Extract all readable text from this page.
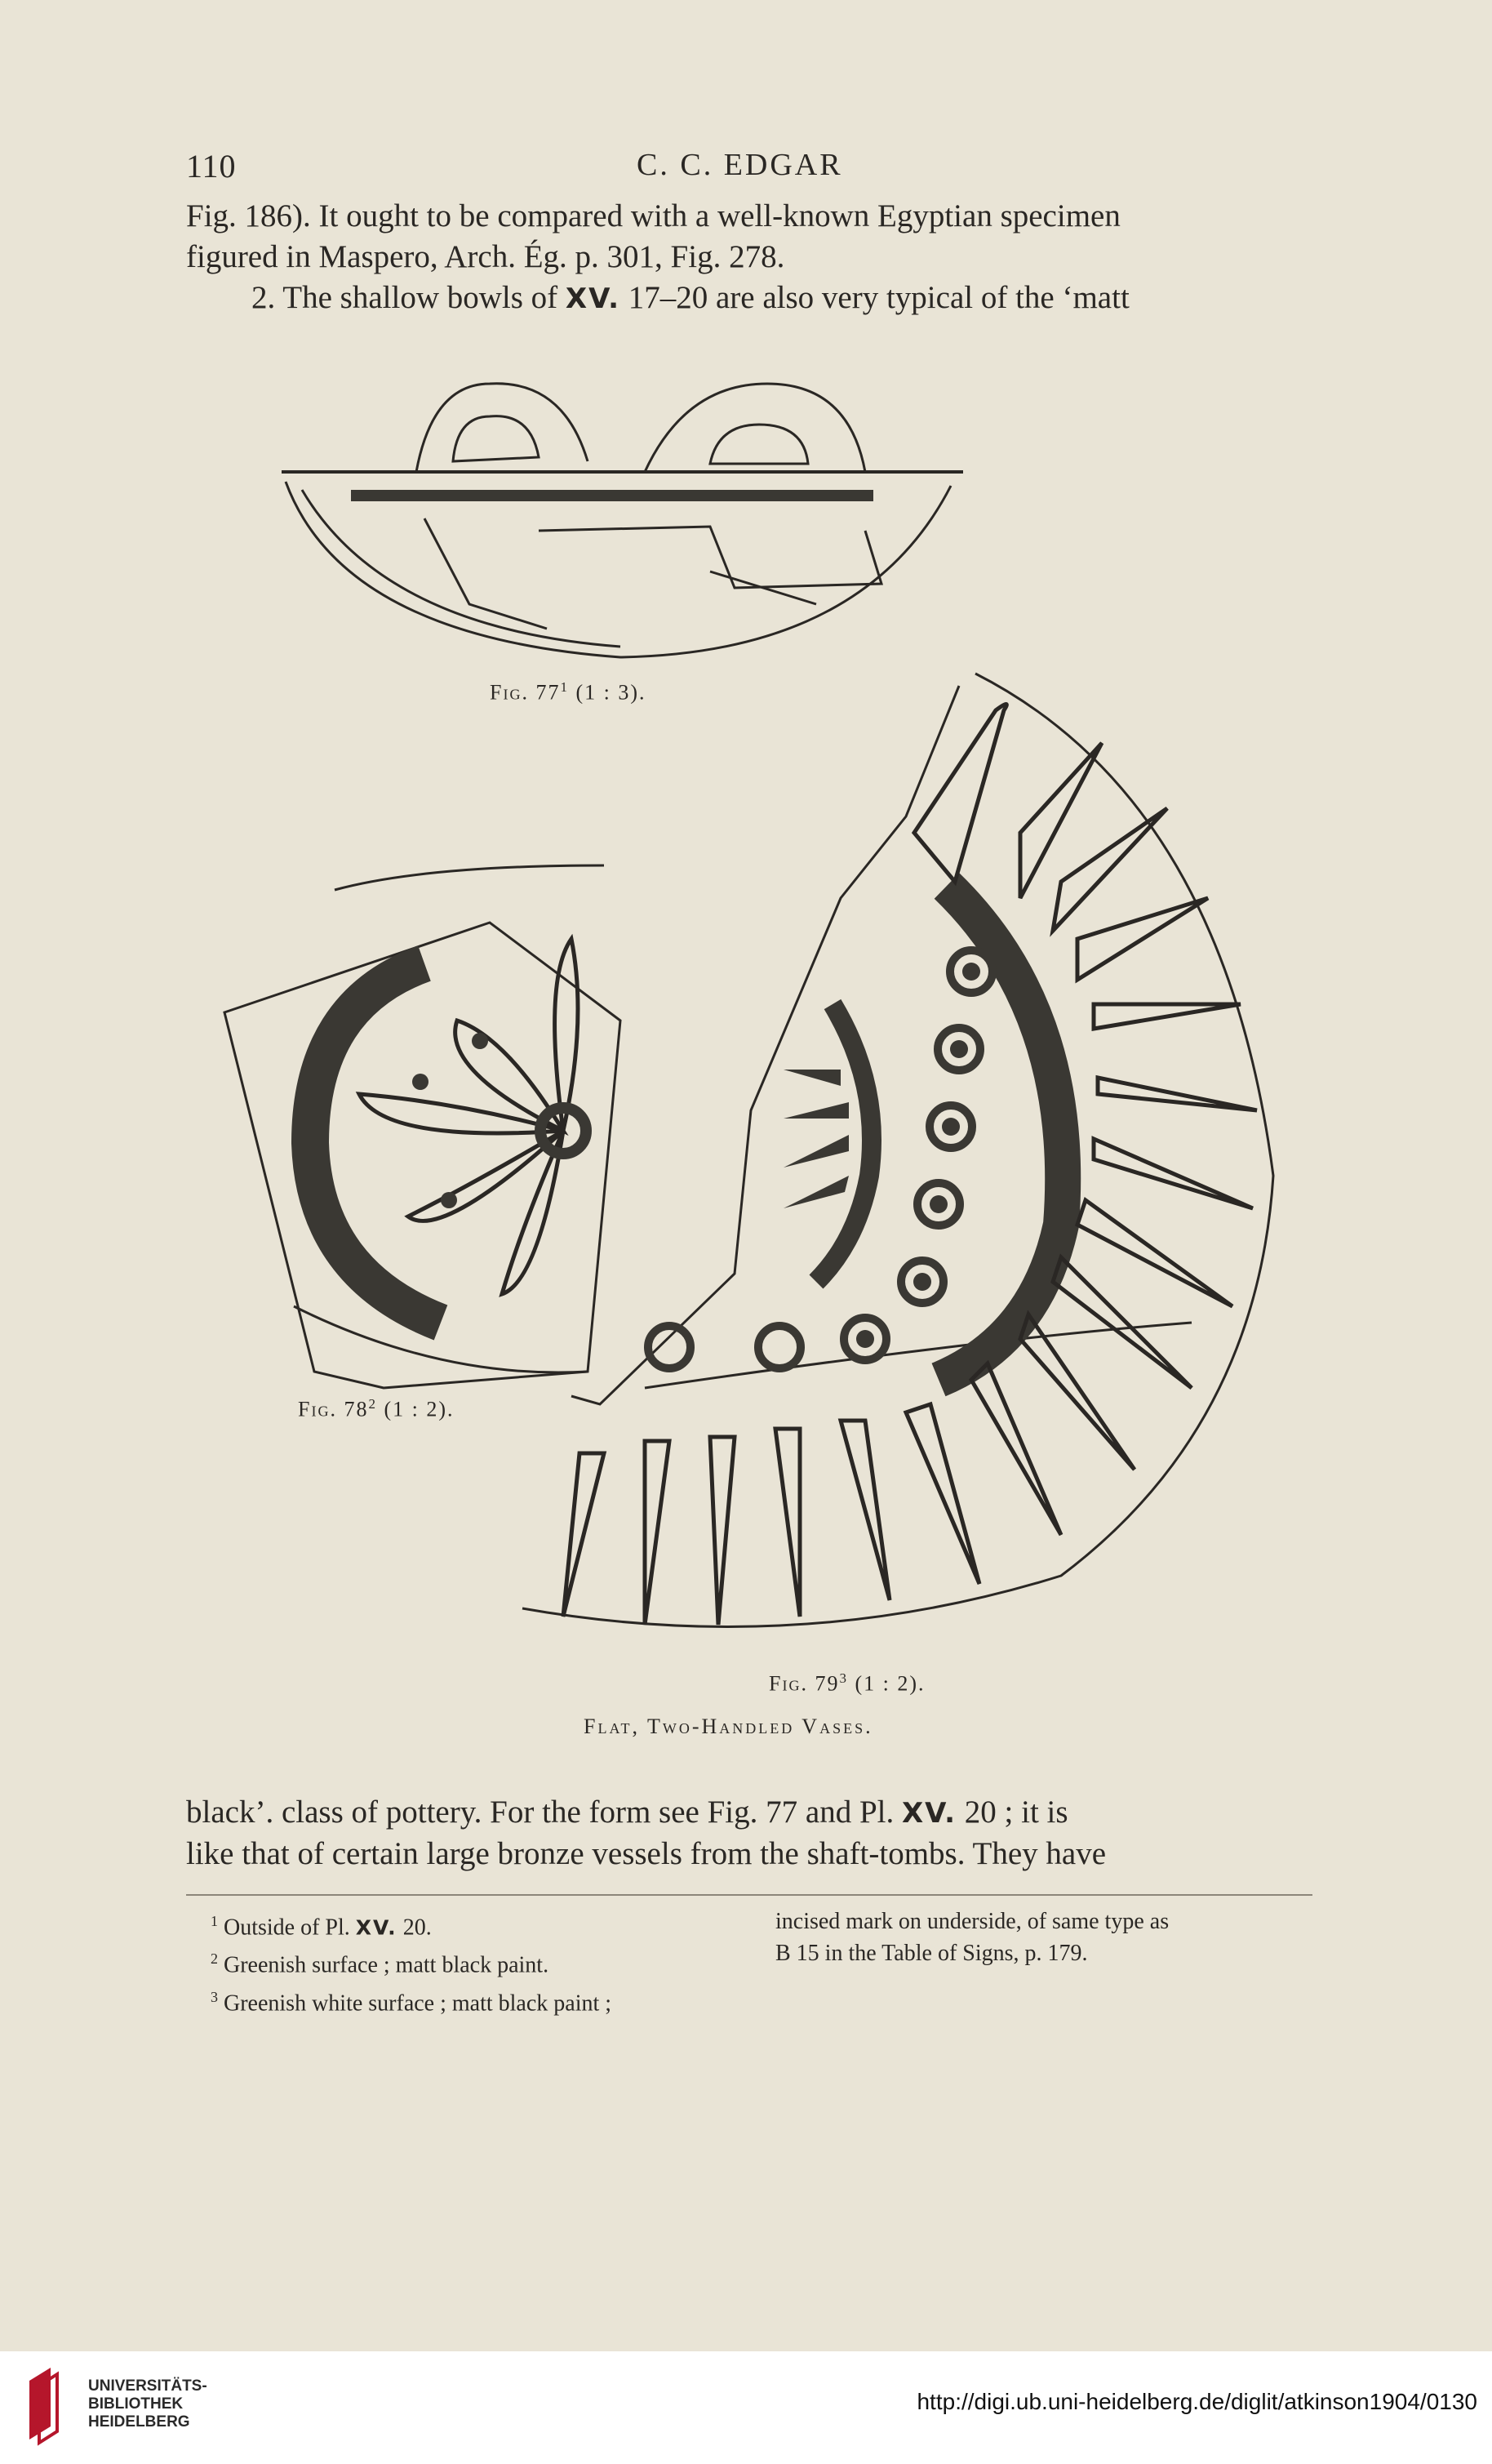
110	C. C. EDGAR
Fig. 186). It ought to be compared with a well-known Egyptian specimen
figured in Maspero, Arch. Ég. p. 301, Fig. 278.
2. The shallow bowls of XV. 17–20 are also very typical of the ‘matt
Fig. $77^1$ (1 : 3).
Fig. $78^2$ (1 : 2).
Fig. $79^3$ (1 : 2).
Flat, Two-Handled Vases.
black’. class of pottery. For the form see Fig. 77 and Pl. XV. 20 ; it is
like that of certain large bronze vessels from the shaft-tombs. They have
$^1$ Outside of Pl. XV. 20.
$^2$ Greenish surface ; matt black paint.
$^3$ Greenish white surface ; matt black paint ;
incised mark on underside, of same type as
B 15 in the Table of Signs, p. 179.
UNIVERSITÄTS-
BIBLIOTHEK
HEIDELBERG
http://digi.ub.uni-heidelberg.de/diglit/atkinson1904/0130
